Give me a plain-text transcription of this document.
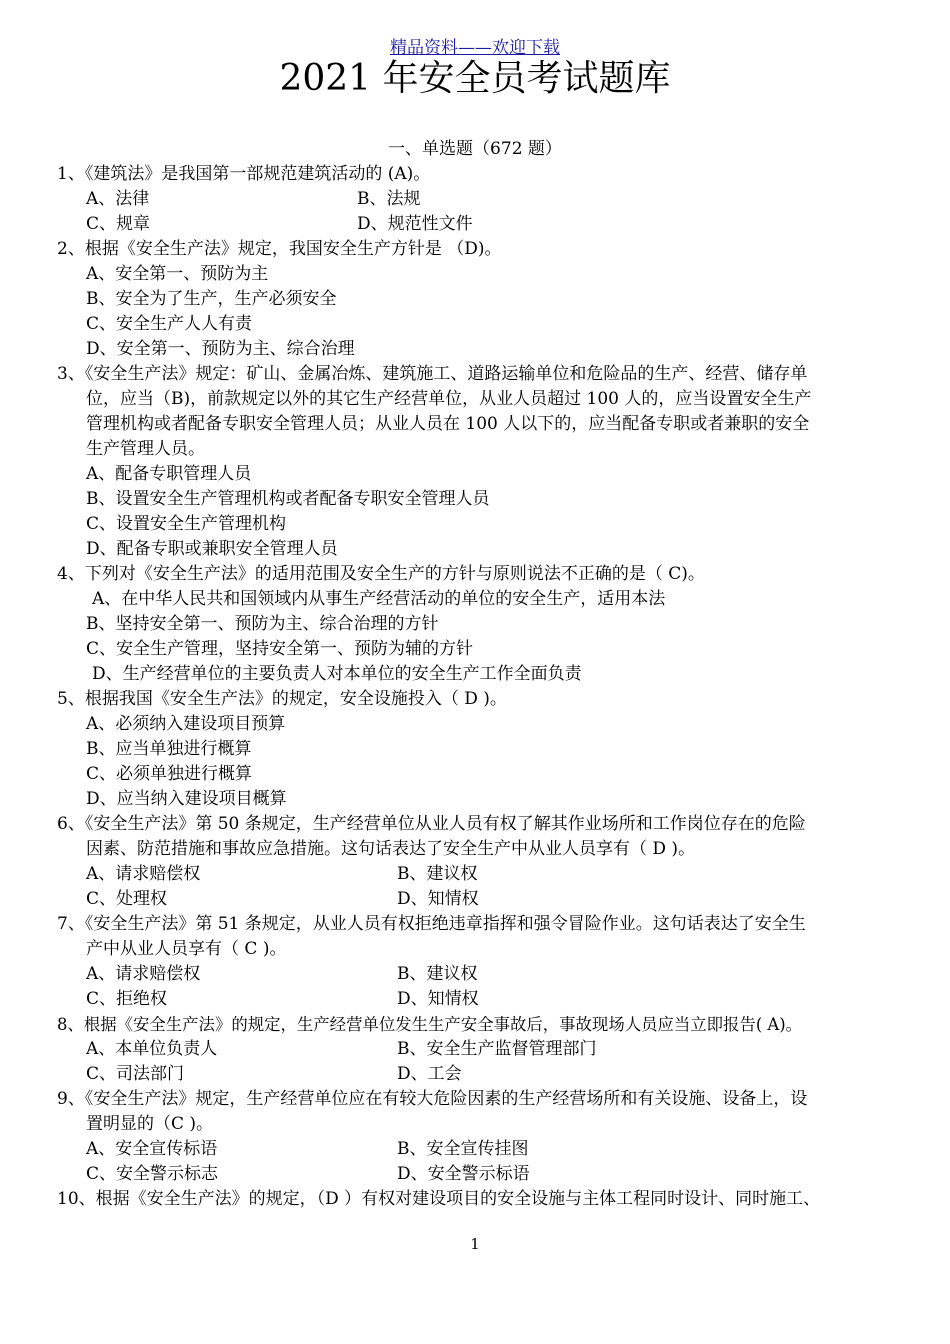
精品资料——欢迎下载
2021 年安全员考试题库
一、单选题（672 题）
1、《建筑法》是我国第一部规范建筑活动的 (A)。
A、法律	B、法规
C、规章	D、规范性文件
2、根据《安全生产法》规定，我国安全生产方针是 （D)。
A、安全第一、预防为主
B、安全为了生产，生产必须安全
C、安全生产人人有责
D、安全第一、预防为主、综合治理
3、《安全生产法》规定：矿山、金属冶炼、建筑施工、道路运输单位和危险品的生产、经营、储存单
位，应当（B)，前款规定以外的其它生产经营单位，从业人员超过 100 人的，应当设置安全生产
管理机构或者配备专职安全管理人员；从业人员在 100 人以下的，应当配备专职或者兼职的安全
生产管理人员。
A、配备专职管理人员
B、设置安全生产管理机构或者配备专职安全管理人员
C、设置安全生产管理机构
D、配备专职或兼职安全管理人员
4、下列对《安全生产法》的适用范围及安全生产的方针与原则说法不正确的是（ C)。
A、在中华人民共和国领域内从事生产经营活动的单位的安全生产，适用本法
B、坚持安全第一、预防为主、综合治理的方针
C、安全生产管理，坚持安全第一、预防为辅的方针
D、生产经营单位的主要负责人对本单位的安全生产工作全面负责
5、根据我国《安全生产法》的规定，安全设施投入（ D )。
A、必须纳入建设项目预算
B、应当单独进行概算
C、必须单独进行概算
D、应当纳入建设项目概算
6、《安全生产法》第 50 条规定，生产经营单位从业人员有权了解其作业场所和工作岗位存在的危险
因素、防范措施和事故应急措施。这句话表达了安全生产中从业人员享有（ D )。
A、请求赔偿权	B、建议权
C、处理权	D、知情权
7、《安全生产法》第 51 条规定，从业人员有权拒绝违章指挥和强令冒险作业。这句话表达了安全生
产中从业人员享有（ C )。
A、请求赔偿权	B、建议权
C、拒绝权	D、知情权
8、根据《安全生产法》的规定，生产经营单位发生生产安全事故后，事故现场人员应当立即报告( A)。
A、本单位负责人	B、安全生产监督管理部门
C、司法部门	D、工会
9、《安全生产法》规定，生产经营单位应在有较大危险因素的生产经营场所和有关设施、设备上，设
置明显的（C )。
A、安全宣传标语	B、安全宣传挂图
C、安全警示标志	D、安全警示标语
10、根据《安全生产法》的规定，（D ）有权对建设项目的安全设施与主体工程同时设计、同时施工、
1
